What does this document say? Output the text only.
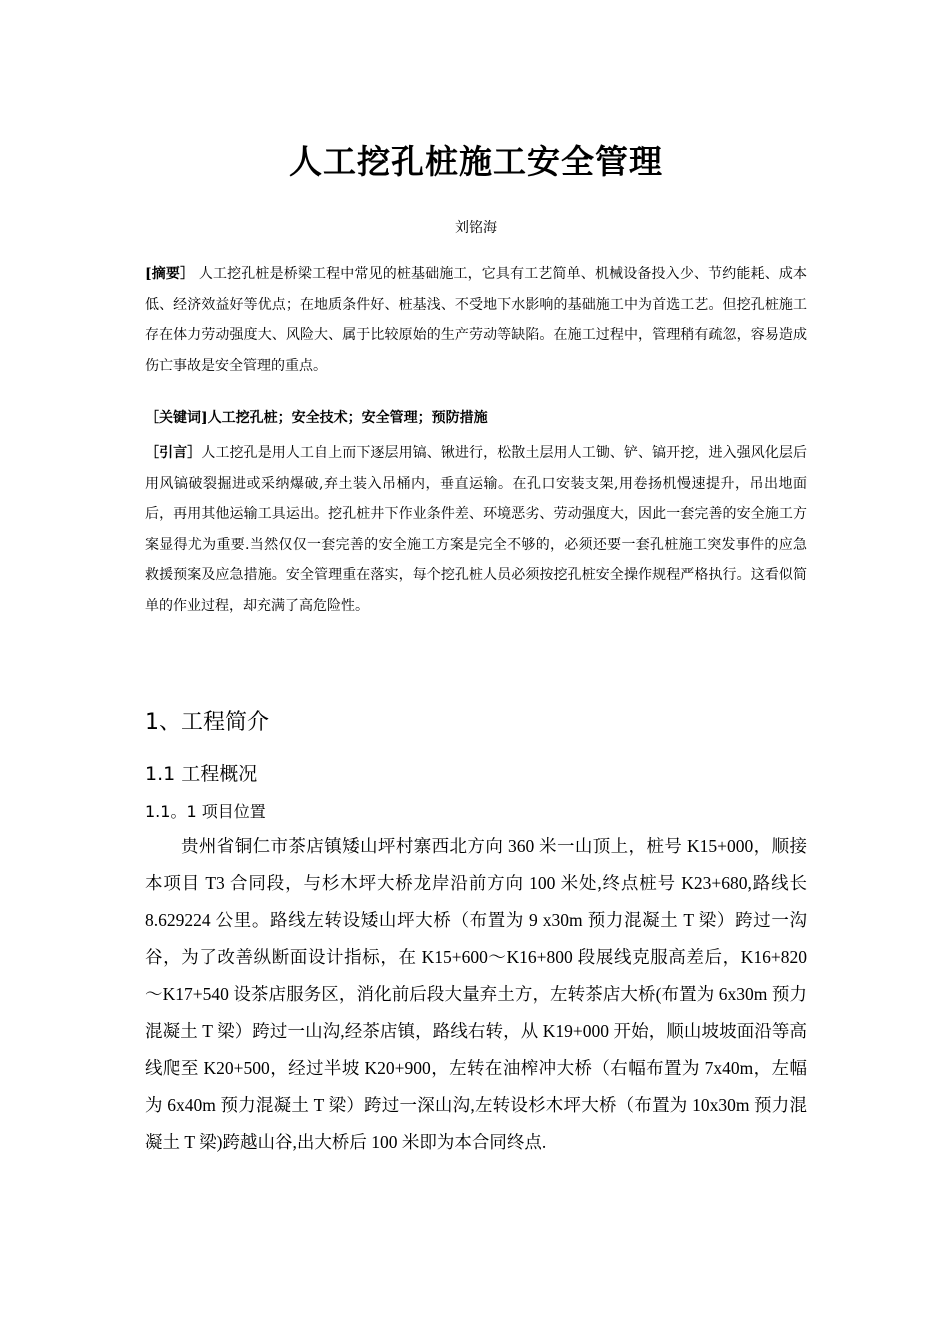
人工挖孔桩施工安全管理
刘铭海
[摘要］ 人工挖孔桩是桥梁工程中常见的桩基础施工，它具有工艺简单、机械设备投入少、节约能耗、成本低、经济效益好等优点；在地质条件好、桩基浅、不受地下水影响的基础施工中为首选工艺。但挖孔桩施工存在体力劳动强度大、风险大、属于比较原始的生产劳动等缺陷。在施工过程中，管理稍有疏忽，容易造成伤亡事故是安全管理的重点。
［关键词]人工挖孔桩；安全技术；安全管理；预防措施
［引言］人工挖孔是用人工自上而下逐层用镐、锹进行，松散土层用人工锄、铲、镐开挖，进入强风化层后用风镐破裂掘进或采纳爆破,弃土装入吊桶内，垂直运输。在孔口安装支架,用卷扬机慢速提升，吊出地面后，再用其他运输工具运出。挖孔桩井下作业条件差、环境恶劣、劳动强度大，因此一套完善的安全施工方案显得尤为重要.当然仅仅一套完善的安全施工方案是完全不够的，必须还要一套孔桩施工突发事件的应急救援预案及应急措施。安全管理重在落实，每个挖孔桩人员必须按挖孔桩安全操作规程严格执行。这看似简单的作业过程，却充满了高危险性。
1、工程简介
1.1 工程概况
1.1。1 项目位置
贵州省铜仁市茶店镇矮山坪村寨西北方向 360 米一山顶上，桩号 K15+000，顺接本项目 T3 合同段，与杉木坪大桥龙岸沿前方向 100 米处,终点桩号 K23+680,路线长 8.629224 公里。路线左转设矮山坪大桥（布置为 9 x30m 预力混凝土 T 梁）跨过一沟谷，为了改善纵断面设计指标，在 K15+600～K16+800 段展线克服高差后，K16+820～K17+540 设茶店服务区，消化前后段大量弃土方，左转茶店大桥(布置为 6x30m 预力混凝土 T 梁）跨过一山沟,经茶店镇，路线右转，从 K19+000 开始，顺山坡坡面沿等高线爬至 K20+500，经过半坡 K20+900，左转在油榨冲大桥（右幅布置为 7x40m，左幅为 6x40m 预力混凝土 T 梁）跨过一深山沟,左转设杉木坪大桥（布置为 10x30m 预力混凝土 T 梁)跨越山谷,出大桥后 100 米即为本合同终点.
